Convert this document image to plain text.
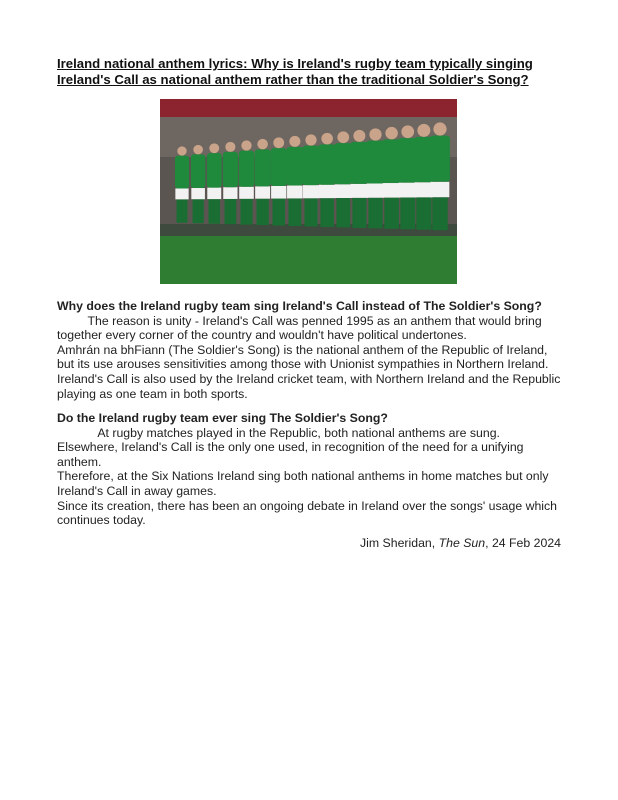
Ireland national anthem lyrics: Why is Ireland's rugby team typically singing
Ireland's Call as national anthem rather than the traditional Soldier's Song?
Why does the Ireland rugby team sing Ireland's Call instead of The Soldier's Song?
The reason is unity - Ireland's Call was penned 1995 as an anthem that would bring
together every corner of the country and wouldn't have political undertones.
Amhrán na bhFiann (The Soldier's Song) is the national anthem of the Republic of Ireland,
but its use arouses sensitivities among those with Unionist sympathies in Northern Ireland.
Ireland's Call is also used by the Ireland cricket team, with Northern Ireland and the Republic
playing as one team in both sports.
Do the Ireland rugby team ever sing The Soldier's Song?
At rugby matches played in the Republic, both national anthems are sung.
Elsewhere, Ireland's Call is the only one used, in recognition of the need for a unifying
anthem.
Therefore, at the Six Nations Ireland sing both national anthems in home matches but only
Ireland's Call in away games.
Since its creation, there has been an ongoing debate in Ireland over the songs' usage which
continues today.
Jim Sheridan, The Sun, 24 Feb 2024
